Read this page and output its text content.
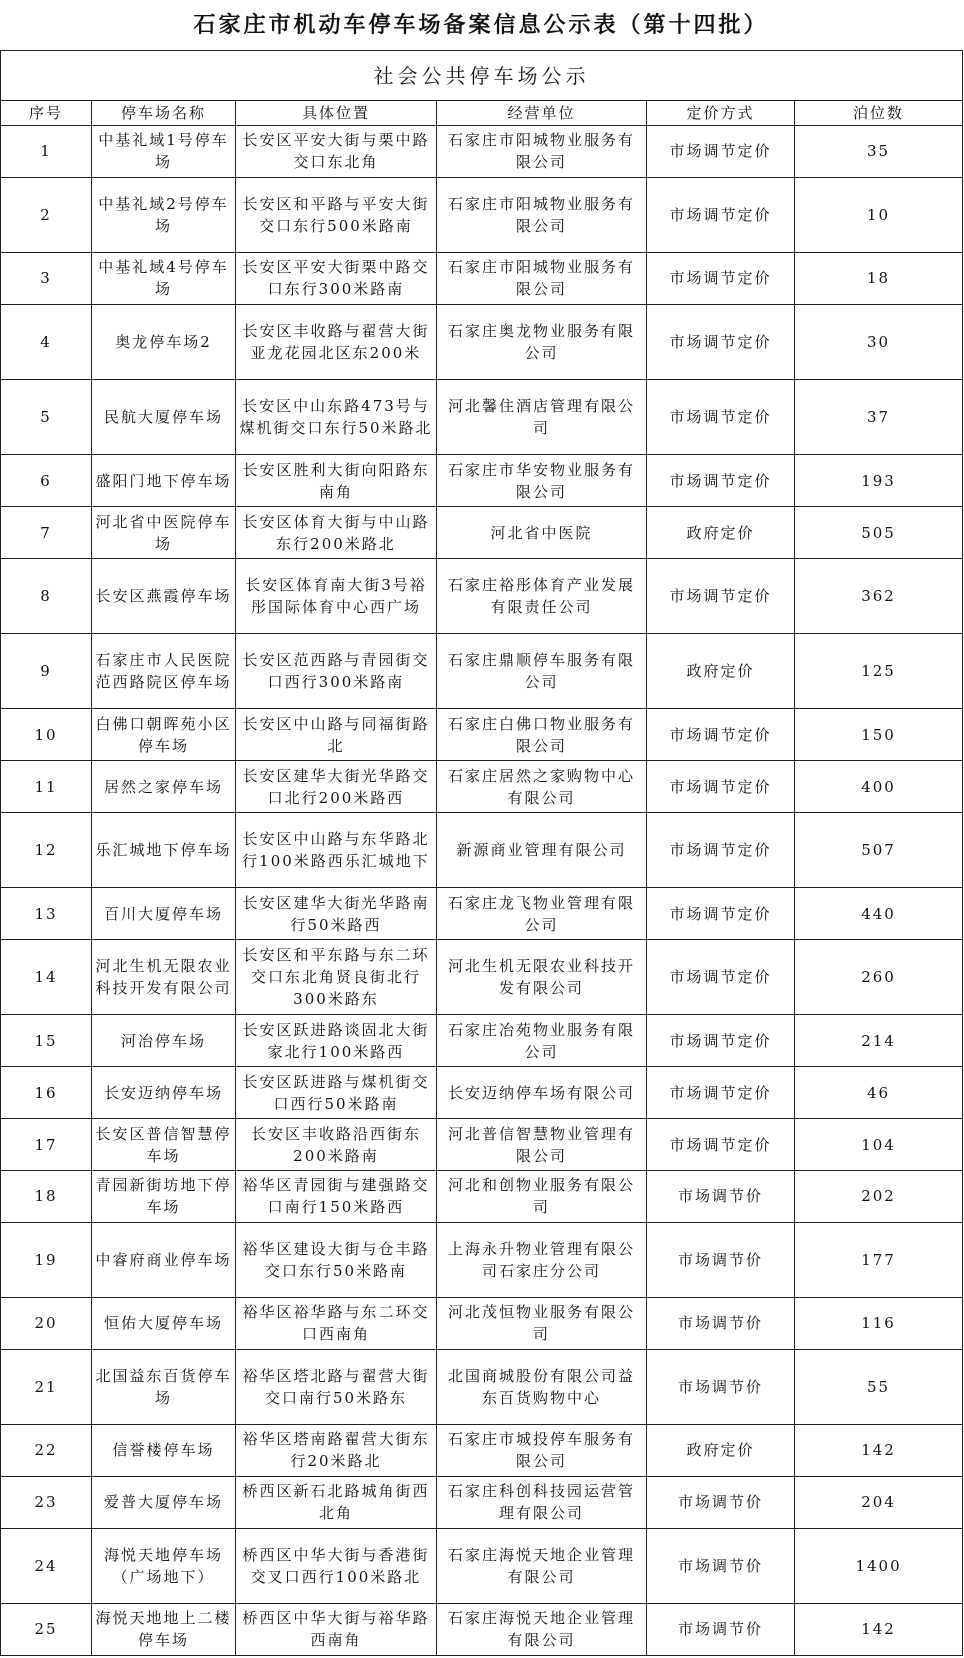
石家庄市机动车停车场备案信息公示表（第十四批）
社会公共停车场公示					
序号	停车场名称	具体位置	经营单位	定价方式	泊位数
1	中基礼域1号停车场	长安区平安大街与栗中路交口东北角	石家庄市阳城物业服务有限公司	市场调节定价	35
2	中基礼域2号停车场	长安区和平路与平安大街交口东行500米路南	石家庄市阳城物业服务有限公司	市场调节定价	10
3	中基礼域4号停车场	长安区平安大街栗中路交口东行300米路南	石家庄市阳城物业服务有限公司	市场调节定价	18
4	奥龙停车场2	长安区丰收路与翟营大街亚龙花园北区东200米	石家庄奥龙物业服务有限公司	市场调节定价	30
5	民航大厦停车场	长安区中山东路473号与煤机街交口东行50米路北	河北馨住酒店管理有限公司	市场调节定价	37
6	盛阳门地下停车场	长安区胜利大街向阳路东南角	石家庄市华安物业服务有限公司	市场调节定价	193
7	河北省中医院停车场	长安区体育大街与中山路东行200米路北	河北省中医院	政府定价	505
8	长安区燕霞停车场	长安区体育南大街3号裕彤国际体育中心西广场	石家庄裕彤体育产业发展有限责任公司	市场调节定价	362
9	石家庄市人民医院范西路院区停车场	长安区范西路与青园街交口西行300米路南	石家庄鼎顺停车服务有限公司	政府定价	125
10	白佛口朝晖苑小区停车场	长安区中山路与同福街路北	石家庄白佛口物业服务有限公司	市场调节定价	150
11	居然之家停车场	长安区建华大街光华路交口北行200米路西	石家庄居然之家购物中心有限公司	市场调节定价	400
12	乐汇城地下停车场	长安区中山路与东华路北行100米路西乐汇城地下	新源商业管理有限公司	市场调节定价	507
13	百川大厦停车场	长安区建华大街光华路南行50米路西	石家庄龙飞物业管理有限公司	市场调节定价	440
14	河北生机无限农业科技开发有限公司	长安区和平东路与东二环交口东北角贤良街北行300米路东	河北生机无限农业科技开发有限公司	市场调节定价	260
15	河冶停车场	长安区跃进路谈固北大街家北行100米路西	石家庄冶苑物业服务有限公司	市场调节定价	214
16	长安迈纳停车场	长安区跃进路与煤机街交口西行50米路南	长安迈纳停车场有限公司	市场调节定价	46
17	长安区普信智慧停车场	长安区丰收路沿西街东200米路南	河北普信智慧物业管理有限公司	市场调节定价	104
18	青园新街坊地下停车场	裕华区青园街与建强路交口南行150米路西	河北和创物业服务有限公司	市场调节价	202
19	中睿府商业停车场	裕华区建设大街与仓丰路交口东行50米路南	上海永升物业管理有限公司石家庄分公司	市场调节价	177
20	恒佑大厦停车场	裕华区裕华路与东二环交口西南角	河北茂恒物业服务有限公司	市场调节价	116
21	北国益东百货停车场	裕华区塔北路与翟营大街交口南行50米路东	北国商城股份有限公司益东百货购物中心	市场调节价	55
22	信誉楼停车场	裕华区塔南路翟营大街东行20米路北	石家庄市城投停车服务有限公司	政府定价	142
23	爱普大厦停车场	桥西区新石北路城角街西北角	石家庄科创科技园运营管理有限公司	市场调节价	204
24	海悦天地停车场（广场地下）	桥西区中华大街与香港街交叉口西行100米路北	石家庄海悦天地企业管理有限公司	市场调节价	1400
25	海悦天地地上二楼停车场	桥西区中华大街与裕华路西南角	石家庄海悦天地企业管理有限公司	市场调节价	142
